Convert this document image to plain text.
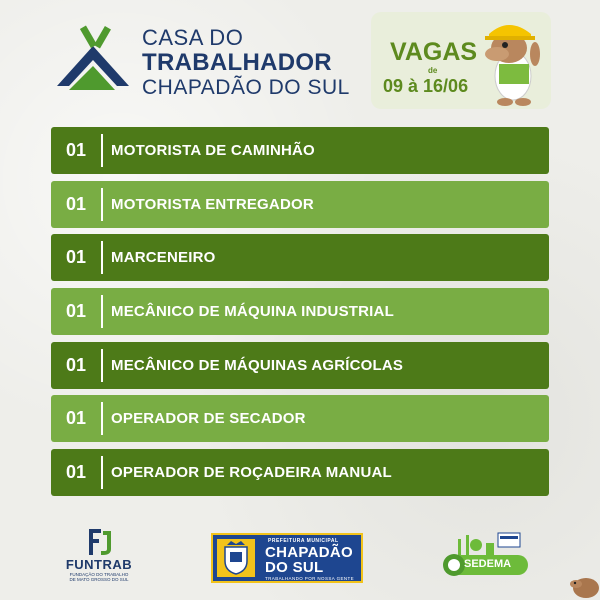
CASA DO
TRABALHADOR
CHAPADÃO DO SUL
VAGAS
de
09 à 16/06
01	MOTORISTA DE CAMINHÃO
01	MOTORISTA ENTREGADOR
01	MARCENEIRO
01	MECÂNICO DE MÁQUINA INDUSTRIAL
01	MECÂNICO DE MÁQUINAS AGRÍCOLAS
01	OPERADOR DE SECADOR
01	OPERADOR DE ROÇADEIRA MANUAL
FUNTRAB
FUNDAÇÃO DO TRABALHO
DE MATO GROSSO DO SUL
PREFEITURA MUNICIPAL
CHAPADÃO
DO SUL
TRABALHANDO POR NOSSA GENTE
SEDEMA
